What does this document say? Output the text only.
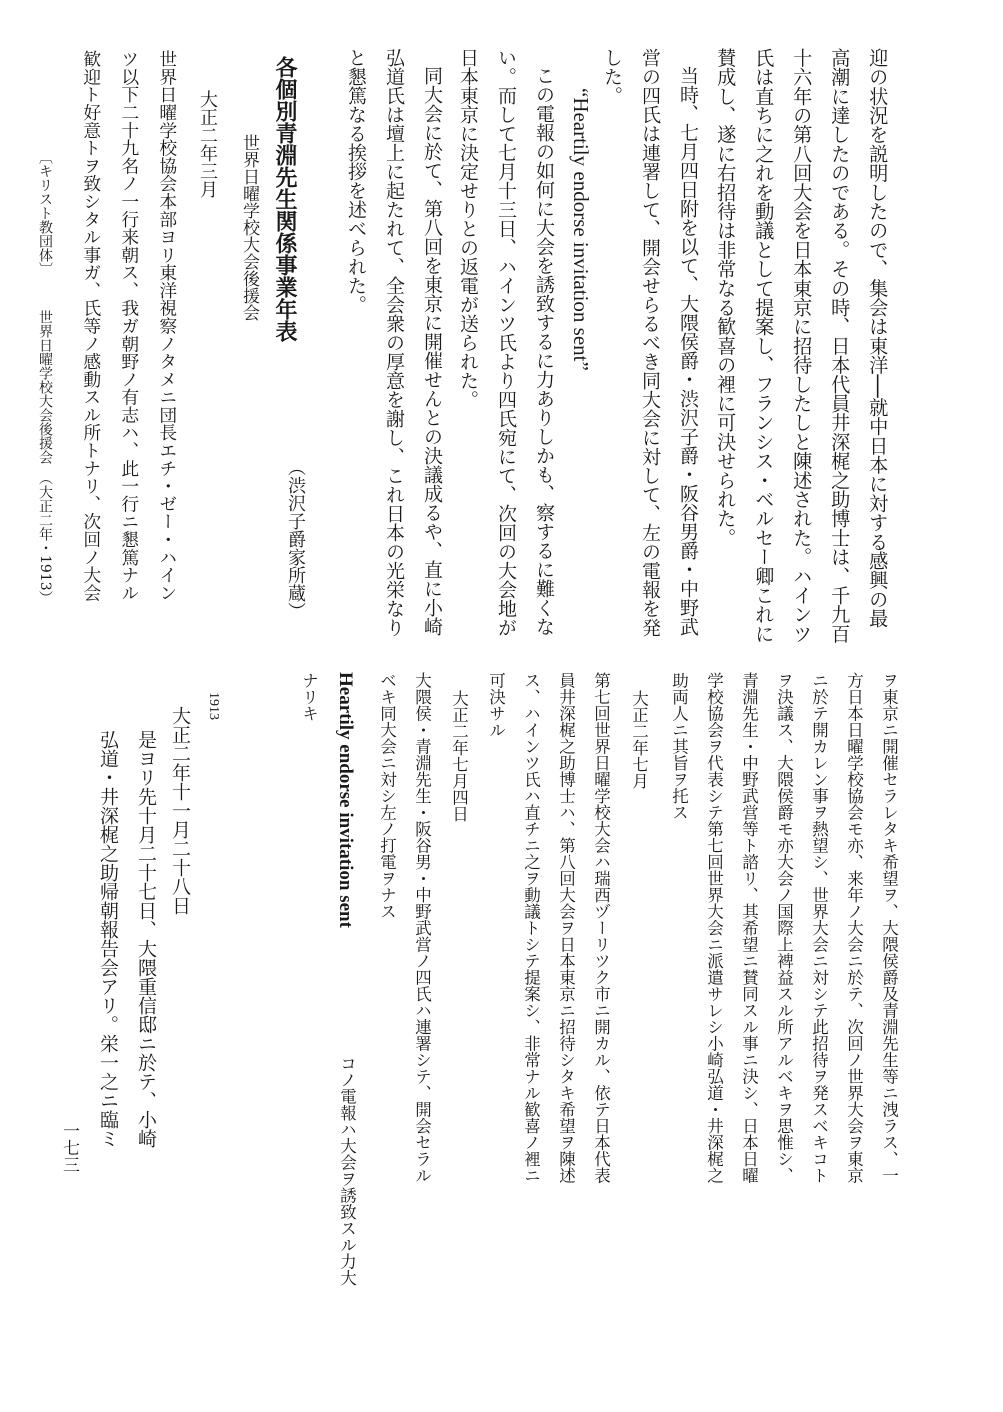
迎の状況を説明したので、集会は東洋──就中日本に対する感興の最
高潮に達したのである。その時、日本代員井深梶之助博士は、千九百
十六年の第八回大会を日本東京に招待したしと陳述された。ハインツ
氏は直ちに之れを動議として提案し、フランシス・ベルセー卿これに
賛成し、遂に右招待は非常なる歓喜の裡に可決せられた。
当時、七月四日附を以て、大隈侯爵・渋沢子爵・阪谷男爵・中野武
営の四氏は連署して、開会せらるべき同大会に対して、左の電報を発
した。
“Heartily endorse invitation sent”
この電報の如何に大会を誘致するに力ありしかも、察するに難くな
い。而して七月十三日、ハインツ氏より四氏宛にて、次回の大会地が
日本東京に決定せりとの返電が送られた。
同大会に於て、第八回を東京に開催せんとの決議成るや、直に小崎
弘道氏は壇上に起たれて、全会衆の厚意を謝し、これ日本の光栄なり
と懇篤なる挨拶を述べられた。
（渋沢子爵家所蔵）
各個別青淵先生関係事業年表
世界日曜学校大会後援会
大正二年三月
世界日曜学校協会本部ヨリ東洋視察ノタメニ団長エチ・ゼー・ハイン
ツ以下二十九名ノ一行来朝ス、我ガ朝野ノ有志ハ、此一行ニ懇篤ナル
歓迎ト好意トヲ致シタル事ガ、氏等ノ感動スル所トナリ、次回ノ大会
〔キリスト教団体〕
世界日曜学校大会後援会　（大正二年・1913）
ヲ東京ニ開催セラレタキ希望ヲ、大隈侯爵及青淵先生等ニ洩ラス、一
方日本日曜学校協会モ亦、来年ノ大会ニ於テ、次回ノ世界大会ヲ東京
ニ於テ開カレン事ヲ熱望シ、世界大会ニ対シテ此招待ヲ発スベキコト
ヲ決議ス、大隈侯爵モ亦大会ノ国際上裨益スル所アルベキヲ思惟シ、
青淵先生・中野武営等ト諮リ、其希望ニ賛同スル事ニ決シ、日本日曜
学校協会ヲ代表シテ第七回世界大会ニ派遣サレシ小崎弘道・井深梶之
助両人ニ其旨ヲ托ス
大正二年七月
第七回世界日曜学校大会ハ瑞西ヅーリツク市ニ開カル、依テ日本代表
員井深梶之助博士ハ、第八回大会ヲ日本東京ニ招待シタキ希望ヲ陳述
ス、ハインツ氏ハ直チニ之ヲ動議トシテ提案シ、非常ナル歓喜ノ裡ニ
可決サル
大正二年七月四日
大隈侯・青淵先生・阪谷男・中野武営ノ四氏ハ連署シテ、開会セラル
ベキ同大会ニ対シ左ノ打電ヲナス
Heartily endorse invitation sent
コノ電報ハ大会ヲ誘致スル力大
ナリキ
1913
大正二年十一月二十八日
是ヨリ先十月二十七日、大隈重信邸ニ於テ、小崎
弘道・井深梶之助帰朝報告会アリ。栄一之ニ臨ミ
一七三
